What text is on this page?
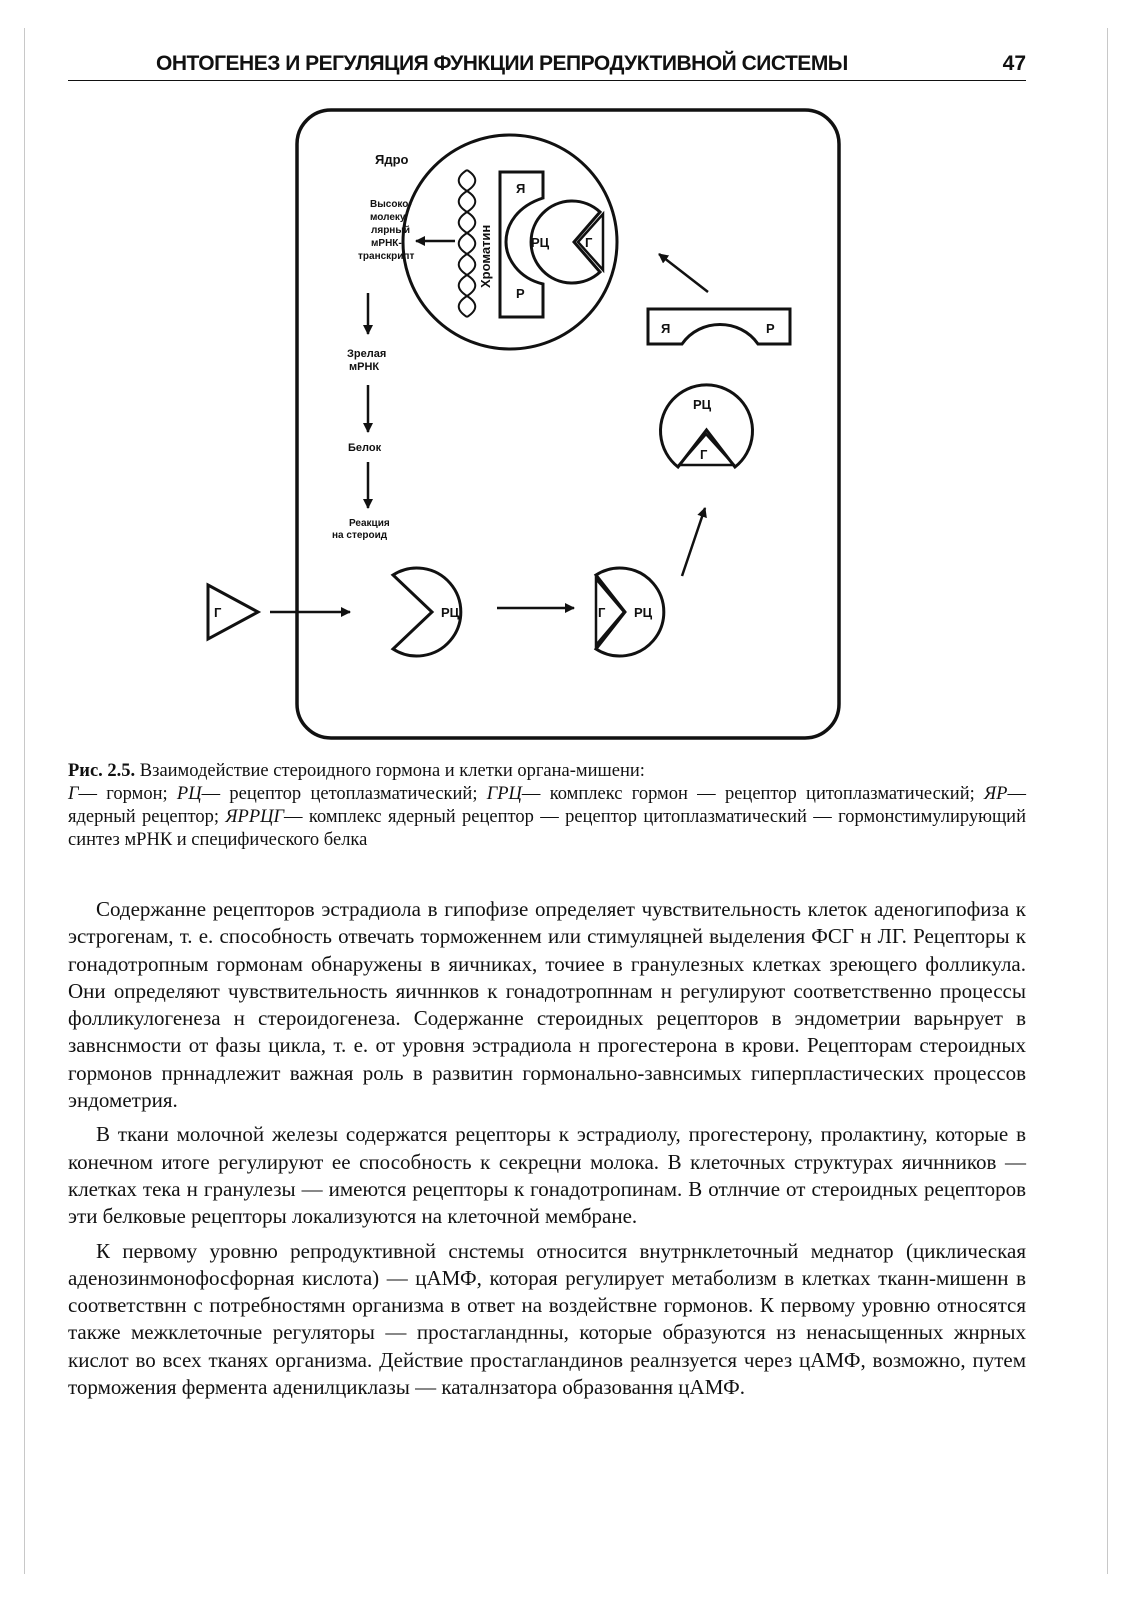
ОНТОГЕНЕЗ И РЕГУЛЯЦИЯ ФУНКЦИИ РЕПРОДУКТИВНОЙ СИСТЕМЫ	47
Ядро
Хроматин
Я
Р
РЦ	Г
Высоко-
молеку
лярный
мРНК-
транскрипт
Зрелая
мРНК
Белок
Реакция
на стероид
Я	Р
РЦ
Г
Г	РЦ	Г РЦ
Рис. 2.5. Взаимодействие стероидного гормона и клетки органа-мишени:
Г— гормон; РЦ— рецептор цетоплазматический; ГРЦ— комплекс гормон — рецептор цитоплазматический; ЯР— ядерный рецептор; ЯРРЦГ— комплекс ядерный рецептор — рецептор цитоплазматический — гормонстимулирующий синтез мРНК и специфического белка

Содержанне рецепторов эстрадиола в гипофизе определяет чувствительность клеток аденогипофиза к эстрогенам, т. е. способность отвечать торможеннем или стимуляцней выделения ФСГ н ЛГ. Рецепторы к гонадотропным гормонам обнаружены в яичниках, точиее в гранулезных клетках зреющего фолликула. Они определяют чувствительность яичннков к гонадотропннам н регулируют соответственно процессы фолликулогенеза н стероидогенеза. Содержанне стероидных рецепторов в эндометрии варьнрует в завнснмости от фазы цикла, т. е. от уровня эстрадиола н прогестерона в крови. Рецепторам стероидных гормонов прннадлежит важная роль в развитин гормонально-завнсимых гиперпластических процессов эндометрия.

В ткани молочной железы содержатся рецепторы к эстрадиолу, прогестерону, пролактину, которые в конечном итоге регулируют ее способность к секрецни молока. В клеточных структурах яичнников — клетках тека н гранулезы — имеются рецепторы к гонадотропинам. В отлнчие от стероидных рецепторов эти белковые рецепторы локализуются на клеточной мембране.

К первому уровню репродуктивной снстемы относится внутрнклеточный меднатор (циклическая аденозинмонофосфорная кислота) — цАМФ, которая регулирует метаболизм в клетках тканн-мишенн в соответствнн с потребностямн организма в ответ на воздействне гормонов. К первому уровню относятся также межклеточные регуляторы — простагланднны, которые образуются нз ненасыщенных жнрных кислот во всех тканях организма. Действие простагландинов реалнзуется через цАМФ, возможно, путем торможения фермента аденилциклазы — каталнзатора образовання цАМФ.
